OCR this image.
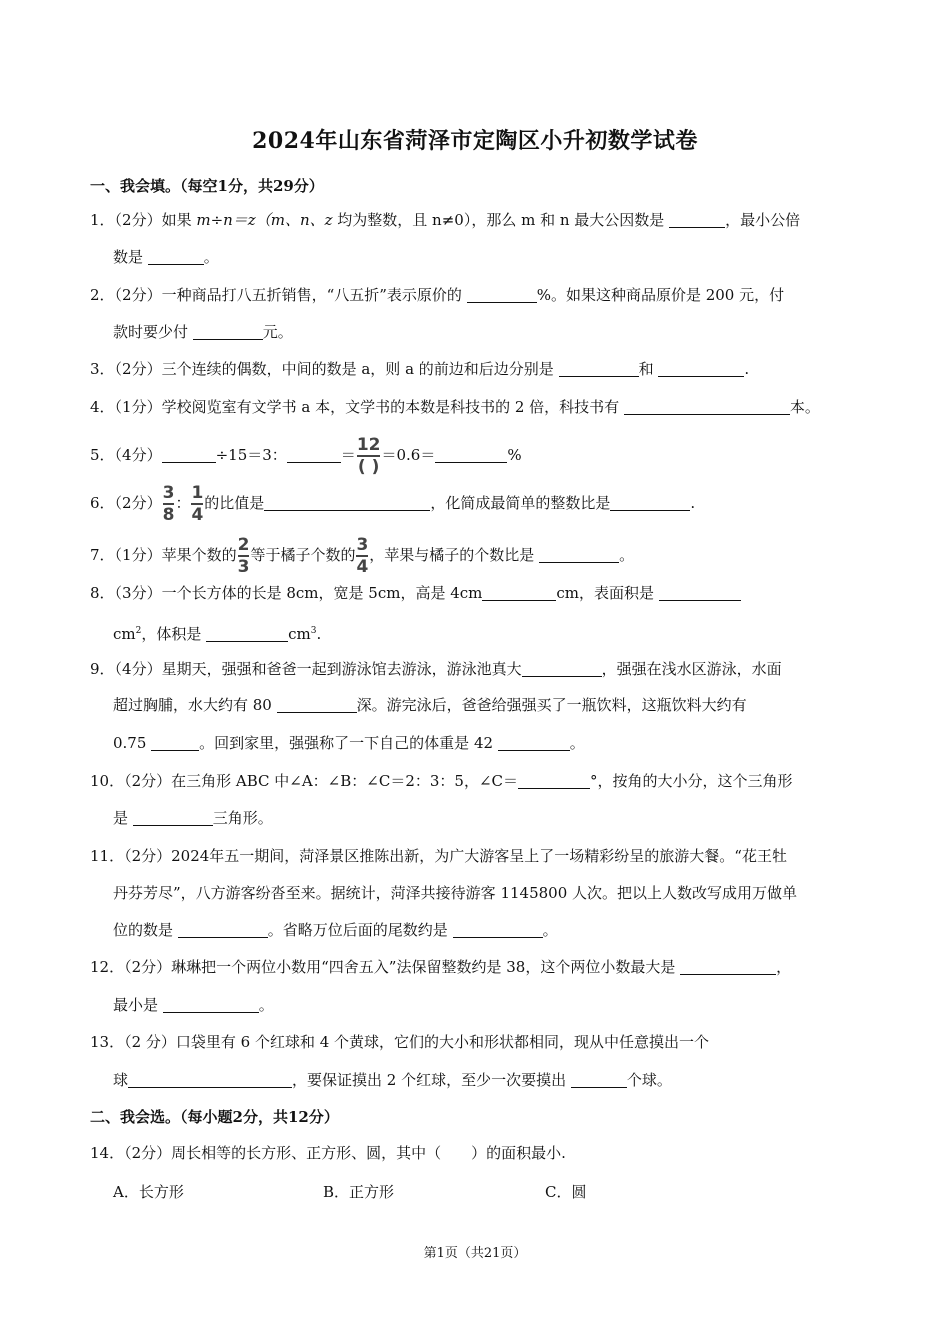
2024年山东省菏泽市定陶区小升初数学试卷
一、我会填。（每空1分，共29分）
1．（2分）如果 m÷n＝z（m、n、z 均为整数，且 n≠0），那么 m 和 n 最大公因数是	，最小公倍
数是	。
2．（2分）一种商品打八五折销售，“八五折”表示原价的	%。如果这种商品原价是 200 元，付
款时要少付	元。
3．（2分）三个连续的偶数，中间的数是 a，则 a 的前边和后边分别是	和	.
4．（1分）学校阅览室有文学书 a 本，文学书的本数是科技书的 2 倍，科技书有	本。
5．（4分）	÷15＝3：	＝ $\frac{12}{( )} =0.6=$	%
6．（2分） $\frac{3}{8}$ ： $\frac{1}{4}$ 的比值是	，化简成最简单的整数比是	.
7．（1分）苹果个数的 $\frac{2}{3}$ 等于橘子个数的 $\frac{3}{4}$ ，苹果与橘子的个数比是	。
8．（3分）一个长方体的长是 8cm，宽是 5cm，高是 4cm	cm，表面积是
$cm^2$，体积是	$cm^3$.
9．（4分）星期天，强强和爸爸一起到游泳馆去游泳，游泳池真大	，强强在浅水区游泳，水面
超过胸脯，水大约有 80	深。游完泳后，爸爸给强强买了一瓶饮料，这瓶饮料大约有
0.75	。回到家里，强强称了一下自己的体重是 42	。
10．（2分）在三角形 ABC 中∠A：∠B：∠C＝2：3：5，∠C＝	°，按角的大小分，这个三角形
是	三角形。
11．（2分）2024年五一期间，菏泽景区推陈出新，为广大游客呈上了一场精彩纷呈的旅游大餐。“花王牡
丹芬芳尽”，八方游客纷沓至来。据统计，菏泽共接待游客 1145800 人次。把以上人数改写成用万做单
位的数是	。省略万位后面的尾数约是	。
12．（2分）琳琳把一个两位小数用“四舍五入”法保留整数约是 38，这个两位小数最大是	，
最小是	。
13．（2 分）口袋里有 6 个红球和 4 个黄球，它们的大小和形状都相同，现从中任意摸出一个
球	，要保证摸出 2 个红球，至少一次要摸出	个球。
二、我会选。（每小题2分，共12分）
14．（2分）周长相等的长方形、正方形、圆，其中（　　）的面积最小.
A．长方形	B．正方形	C．圆
第1页（共21页）
